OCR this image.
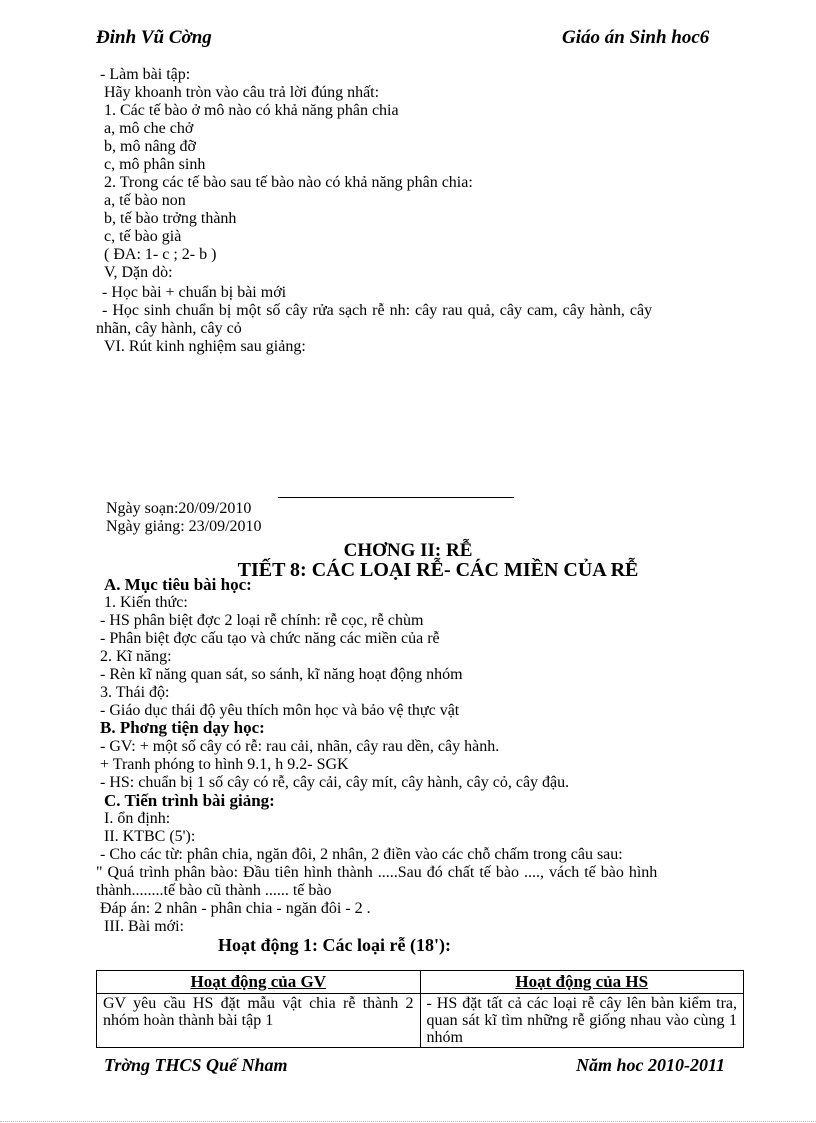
Đinh Vũ Cờng	Giáo án Sinh hoc6
- Làm bài tập:
Hãy khoanh tròn vào câu trả lời đúng nhất:
1. Các tế bào ở mô nào có khả năng phân chia
a, mô che chở
b, mô nâng đỡ
c, mô phân sinh
2. Trong các tế bào sau tế bào nào có khả năng phân chia:
a, tế bào non
b, tế bào trởng thành
c, tế bào già
( ĐA: 1- c ; 2- b )
V, Dặn dò:
- Học bài + chuẩn bị bài mới
- Học sinh chuẩn bị một số cây rửa sạch rễ nh: cây rau quả, cây cam, cây hành, cây
nhãn, cây hành, cây cỏ
VI. Rút kinh nghiệm sau giảng:
Ngày soạn:20/09/2010
Ngày giảng: 23/09/2010
CHƠNG II: RỄ
TIẾT 8: CÁC LOẠI RỄ- CÁC MIỀN CỦA RỄ
A. Mục tiêu bài học:
1. Kiến thức:
- HS phân biệt đợc 2 loại rễ chính: rễ cọc, rễ chùm
- Phân biệt đợc cấu tạo và chức năng các miền của rễ
2. Kĩ năng:
- Rèn kĩ năng quan sát, so sánh, kĩ năng hoạt động nhóm
3. Thái độ:
- Giáo dục thái độ yêu thích môn học và bảo vệ thực vật
B. Phơng tiện dạy học:
- GV: + một số cây có rễ: rau cải, nhãn, cây rau dền, cây hành.
+ Tranh phóng to hình 9.1, h 9.2- SGK
- HS: chuẩn bị 1 số cây có rễ, cây cải, cây mít, cây hành, cây cỏ, cây đậu.
C. Tiến trình bài giảng:
I. ổn định:
II. KTBC (5'):
- Cho các từ: phân chia, ngăn đôi, 2 nhân, 2 điền vào các chỗ chấm trong câu sau:
" Quá trình phân bào: Đầu tiên hình thành .....Sau đó chất tế bào ...., vách tế bào hình
thành........tế bào cũ thành ...... tế bào
Đáp án: 2 nhân - phân chia - ngăn đôi - 2 .
III. Bài mới:
Hoạt động 1: Các loại rễ (18'):
Hoạt động của GV	Hoạt động của HS
GV yêu cầu HS đặt mẫu vật chia rễ thành 2 nhóm hoàn thành bài tập 1	- HS đặt tất cả các loại rễ cây lên bàn kiểm tra, quan sát kĩ tìm những rễ giống nhau vào cùng 1 nhóm
Trờng THCS Quế Nham	Năm hoc 2010-2011
